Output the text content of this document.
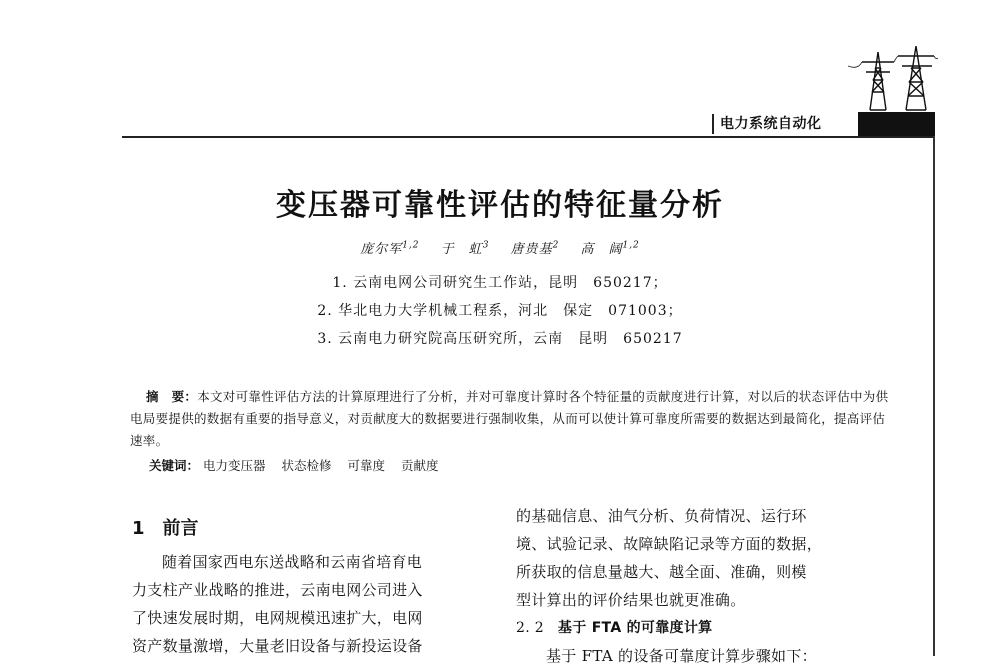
电力系统自动化
变压器可靠性评估的特征量分析
庞尔军$^{1,2}$ 于　虹$^3$ 唐贵基$^2$ 高　阔$^{1,2}$
1. 云南电网公司研究生工作站，昆明　650217；
2. 华北电力大学机械工程系，河北　保定　071003；
3. 云南电力研究院高压研究所，云南　昆明　650217
摘　要：本文对可靠性评估方法的计算原理进行了分析，并对可靠度计算时各个特征量的贡献度进行计算，对以后的状态评估中为供电局要提供的数据有重要的指导意义，对贡献度大的数据要进行强制收集，从而可以使计算可靠度所需要的数据达到最简化，提高评估速率。
关键词： 电力变压器 状态检修 可靠度 贡献度
1 前言

随着国家西电东送战略和云南省培育电

力支柱产业战略的推进，云南电网公司进入

了快速发展时期，电网规模迅速扩大，电网

资产数量激增，大量老旧设备与新投运设备

的基础信息、油气分析、负荷情况、运行环

境、试验记录、故障缺陷记录等方面的数据，

所获取的信息量越大、越全面、准确，则模

型计算出的评价结果也就更准确。

2. 2 基于 FTA 的可靠度计算

基于 FTA 的设备可靠度计算步骤如下：
